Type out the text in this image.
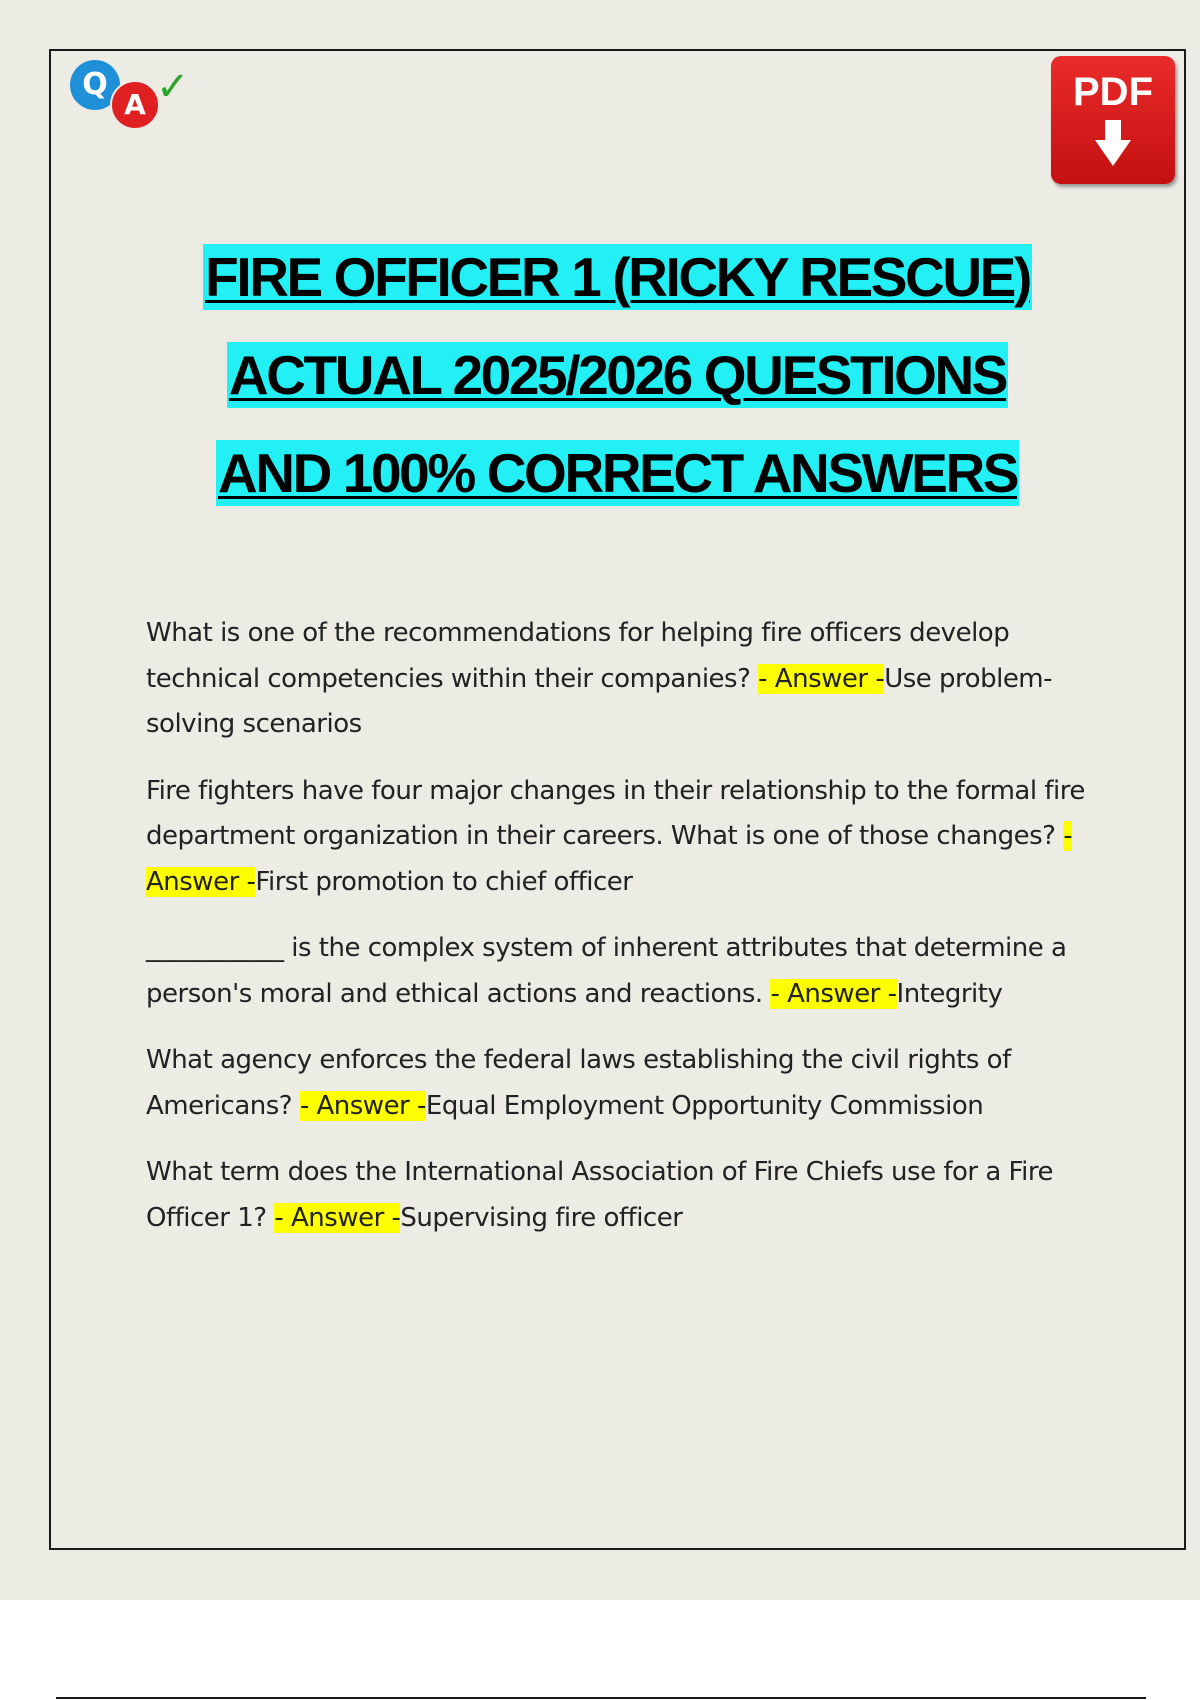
Q
A ✓	PDF
FIRE OFFICER 1 (RICKY RESCUE)
ACTUAL 2025/2026 QUESTIONS
AND 100% CORRECT ANSWERS

What is one of the recommendations for helping fire officers develop technical competencies within their companies? - Answer -Use problem-solving scenarios

Fire fighters have four major changes in their relationship to the formal fire department organization in their careers. What is one of those changes? - Answer -First promotion to chief officer

___________ is the complex system of inherent attributes that determine a person's moral and ethical actions and reactions. - Answer -Integrity

What agency enforces the federal laws establishing the civil rights of Americans? - Answer -Equal Employment Opportunity Commission

What term does the International Association of Fire Chiefs use for a Fire Officer 1? - Answer -Supervising fire officer
